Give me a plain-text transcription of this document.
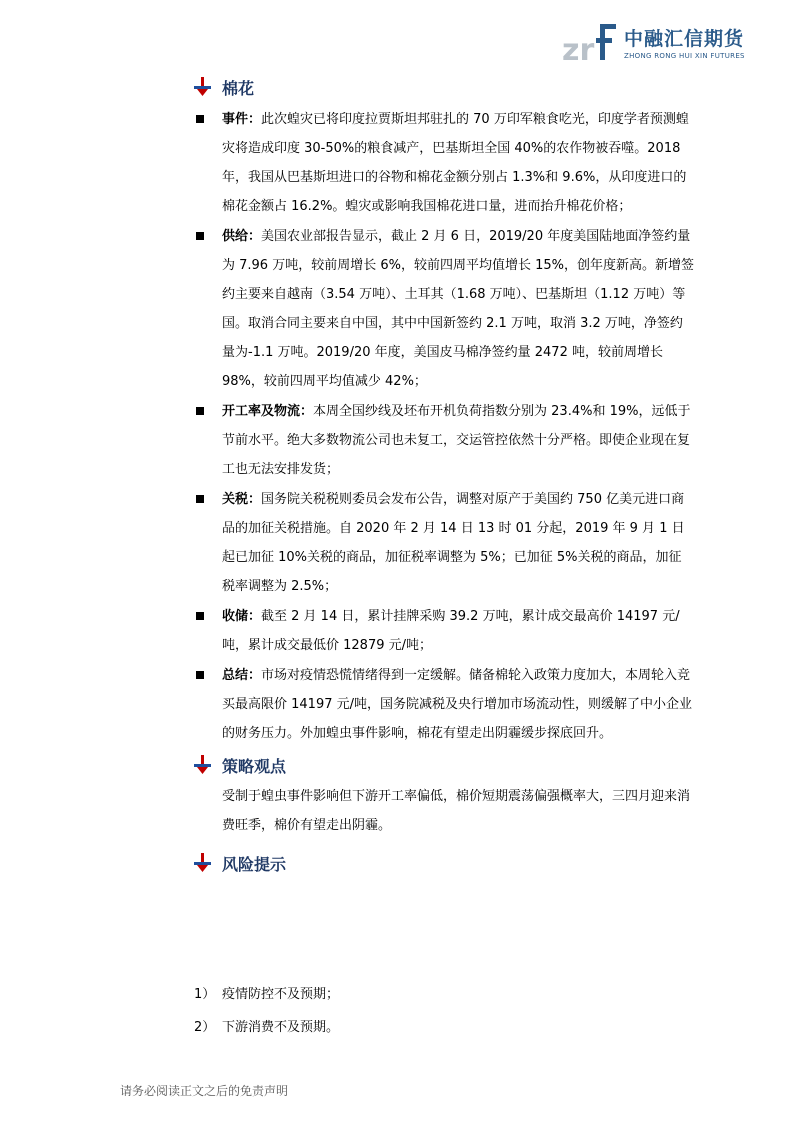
zr 中融汇信期货
ZHONG RONG HUI XIN FUTURES
棉花
事件：此次蝗灾已将印度拉贾斯坦邦驻扎的 70 万印军粮食吃光，印度学者预测蝗灾将造成印度 30-50%的粮食减产，巴基斯坦全国 40%的农作物被吞噬。2018 年，我国从巴基斯坦进口的谷物和棉花金额分别占 1.3%和 9.6%，从印度进口的棉花金额占 16.2%。蝗灾或影响我国棉花进口量，进而抬升棉花价格；
供给：美国农业部报告显示，截止 2 月 6 日，2019/20 年度美国陆地面净签约量为 7.96 万吨，较前周增长 6%，较前四周平均值增长 15%，创年度新高。新增签约主要来自越南（3.54 万吨）、土耳其（1.68 万吨）、巴基斯坦（1.12 万吨）等国。取消合同主要来自中国，其中中国新签约 2.1 万吨，取消 3.2 万吨，净签约量为-1.1 万吨。2019/20 年度，美国皮马棉净签约量 2472 吨，较前周增长 98%，较前四周平均值减少 42%；
开工率及物流：本周全国纱线及坯布开机负荷指数分别为 23.4%和 19%，远低于节前水平。绝大多数物流公司也未复工，交运管控依然十分严格。即使企业现在复工也无法安排发货；
关税：国务院关税税则委员会发布公告，调整对原产于美国约 750 亿美元进口商品的加征关税措施。自 2020 年 2 月 14 日 13 时 01 分起，2019 年 9 月 1 日起已加征 10%关税的商品，加征税率调整为 5%；已加征 5%关税的商品，加征税率调整为 2.5%；
收储：截至 2 月 14 日，累计挂牌采购 39.2 万吨，累计成交最高价 14197 元/吨，累计成交最低价 12879 元/吨；
总结：市场对疫情恐慌情绪得到一定缓解。储备棉轮入政策力度加大，本周轮入竞买最高限价 14197 元/吨，国务院减税及央行增加市场流动性，则缓解了中小企业的财务压力。外加蝗虫事件影响，棉花有望走出阴霾缓步探底回升。
策略观点
受制于蝗虫事件影响但下游开工率偏低，棉价短期震荡偏强概率大，三四月迎来消费旺季，棉价有望走出阴霾。
风险提示
1） 疫情防控不及预期；
2） 下游消费不及预期。
请务必阅读正文之后的免责声明
